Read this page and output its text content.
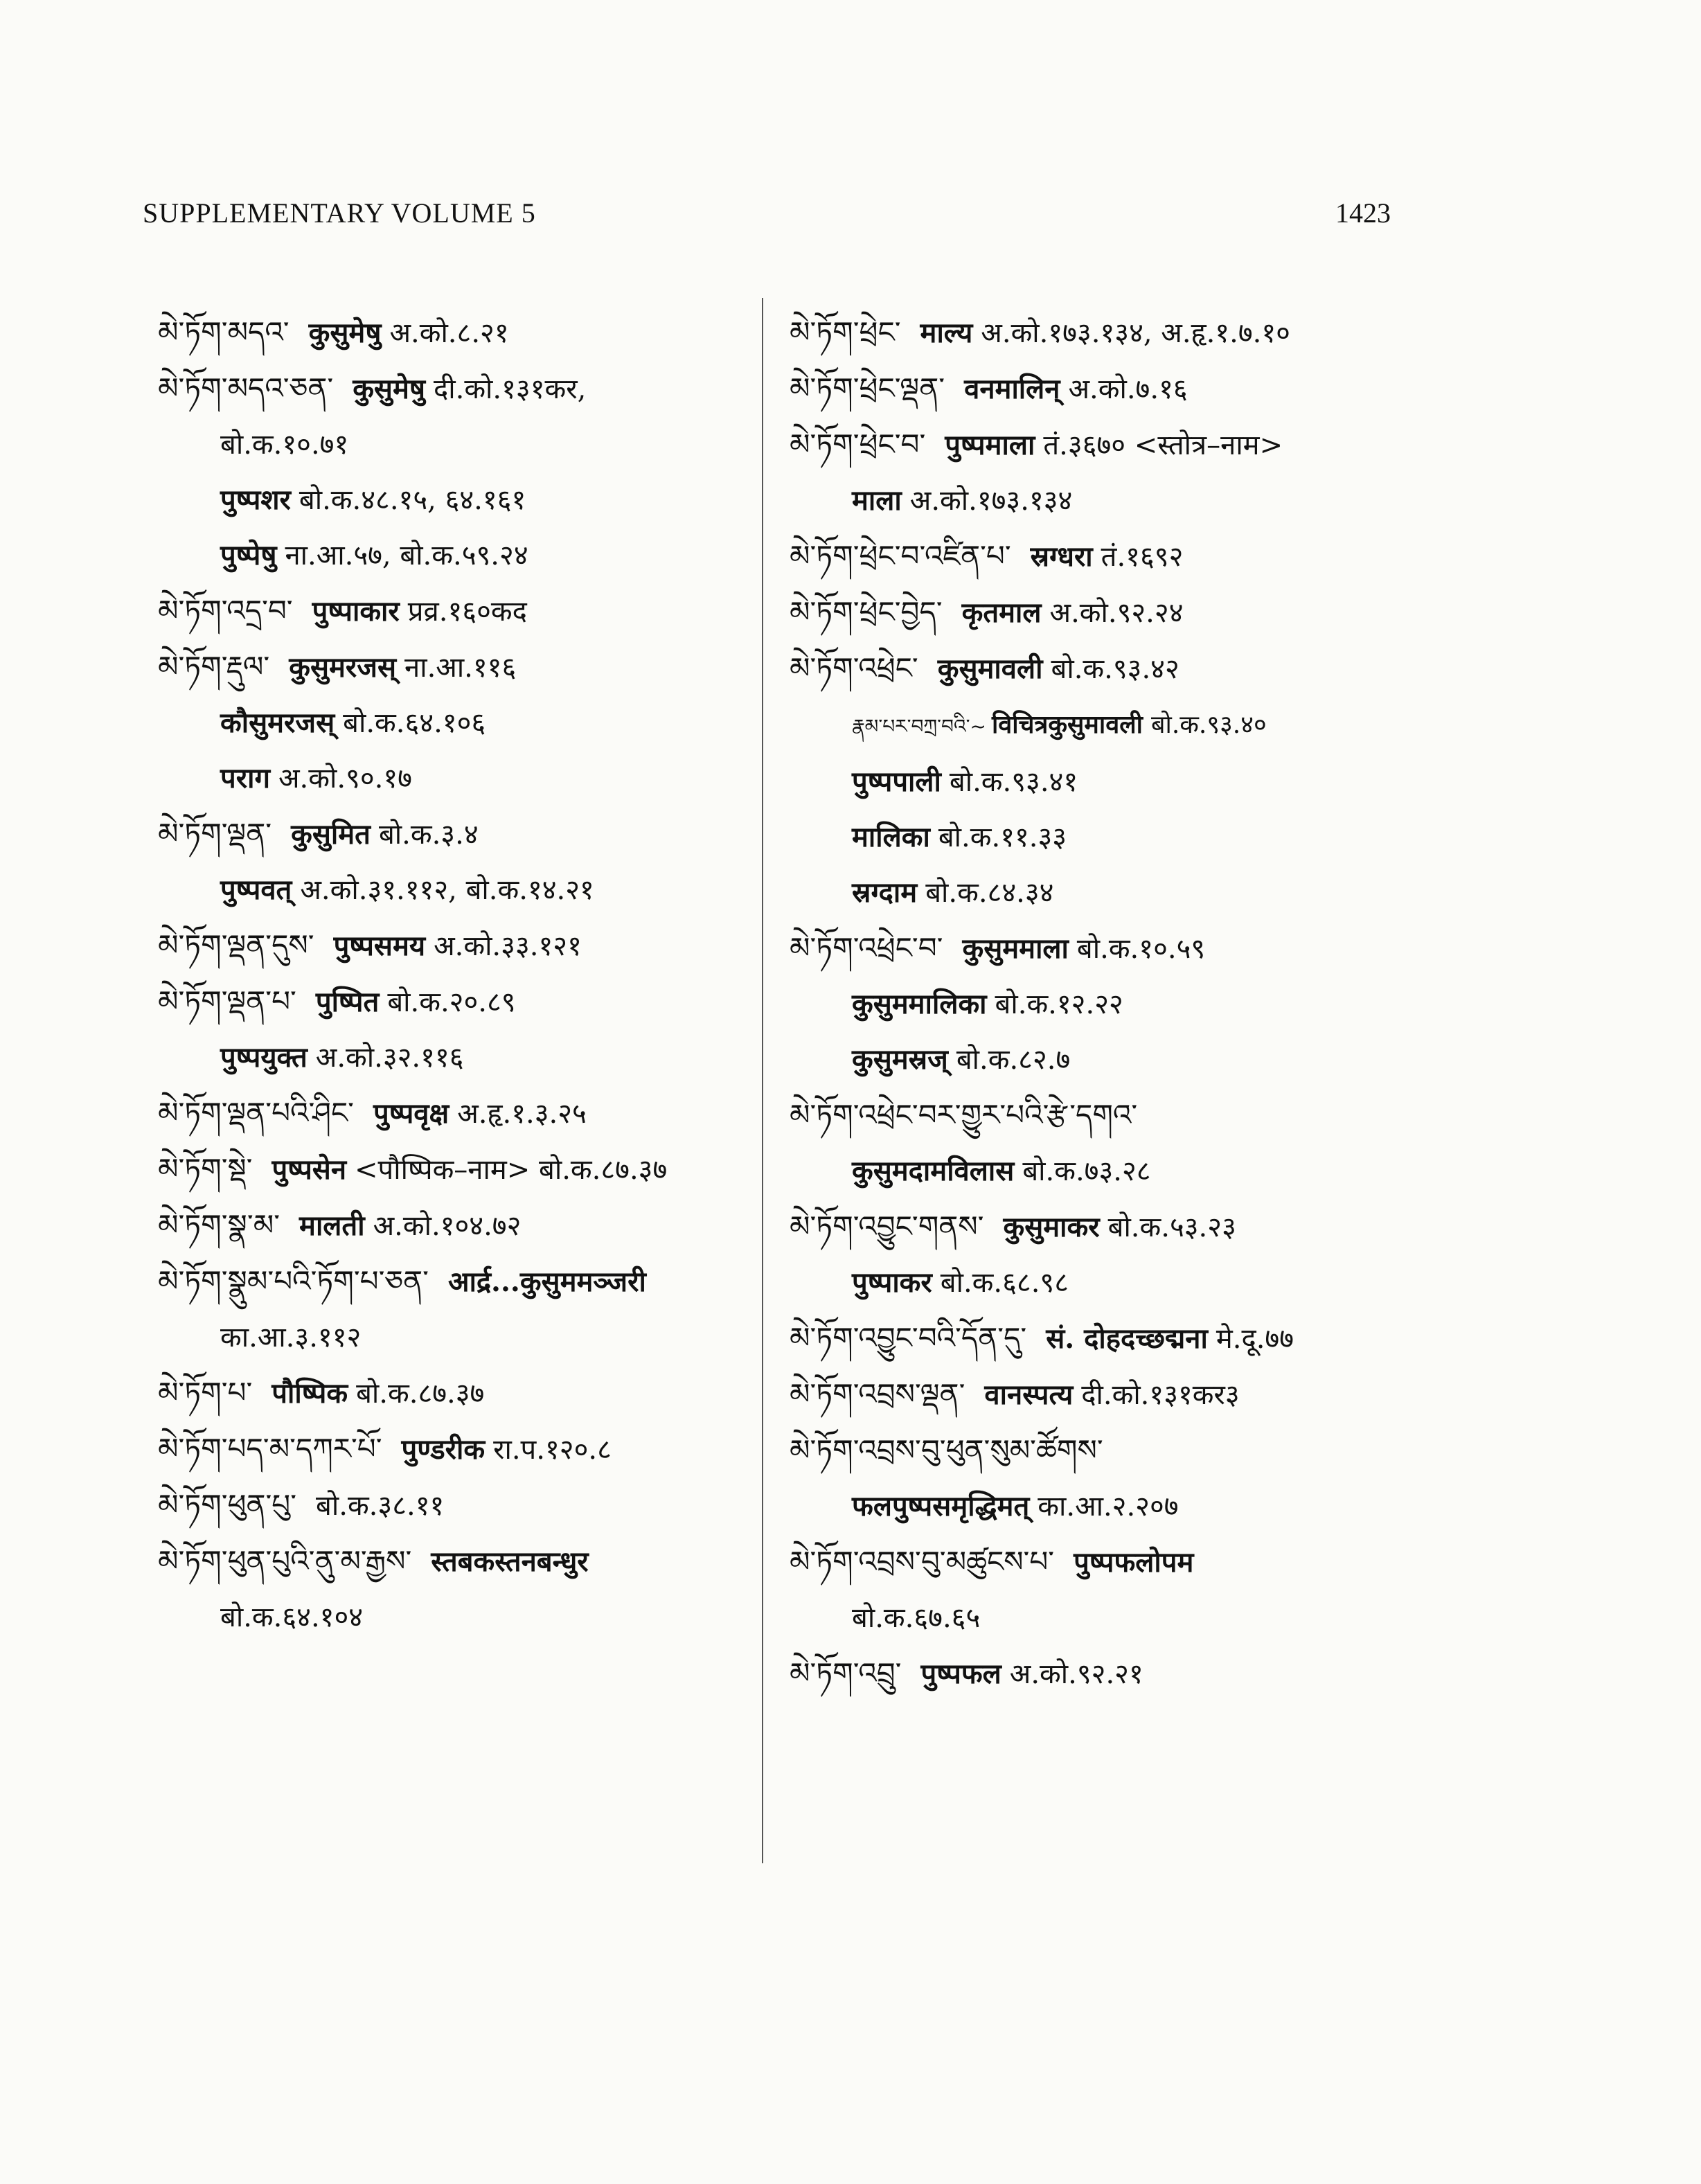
SUPPLEMENTARY VOLUME 5	1423
མེ་ཏོག་མདའ་ कुसुमेषु अ.को.८.२१
མེ་ཏོག་མདའ་ཅན་ कुसुमेषु दी.को.१३१कर,
बो.क.१०.७१
पुष्पशर बो.क.४८.१५, ६४.१६१
पुष्पेषु ना.आ.५७, बो.क.५९.२४
མེ་ཏོག་འདྲ་བ་ पुष्पाकार प्रव्र.१६०कद
མེ་ཏོག་རྡུལ་ कुसुमरजस् ना.आ.११६
कौसुमरजस् बो.क.६४.१०६
पराग अ.को.९०.१७
མེ་ཏོག་ལྡན་ कुसुमित बो.क.३.४
पुष्पवत् अ.को.३१.११२, बो.क.१४.२१
མེ་ཏོག་ལྡན་དུས་ पुष्पसमय अ.को.३३.१२१
མེ་ཏོག་ལྡན་པ་ पुष्पित बो.क.२०.८९
पुष्पयुक्त अ.को.३२.११६
མེ་ཏོག་ལྡན་པའི་ཤིང་ पुष्पवृक्ष अ.हृ.१.३.२५
མེ་ཏོག་སྡེ་ पुष्पसेन <पौष्पिक–नाम> बो.क.८७.३७
མེ་ཏོག་སྣ་མ་ मालती अ.को.१०४.७२
མེ་ཏོག་སྣུམ་པའི་ཏོག་པ་ཅན་ आर्द्र...कुसुममञ्जरी
का.आ.३.११२
མེ་ཏོག་པ་ पौष्पिक बो.क.८७.३७
མེ་ཏོག་པད་མ་དཀར་པོ་ पुण्डरीक रा.प.१२०.८
མེ་ཏོག་ཕུན་པུ་ बो.क.३८.११
མེ་ཏོག་ཕུན་པུའི་ནུ་མ་རྒྱས་ स्तबकस्तनबन्धुर
बो.क.६४.१०४
མེ་ཏོག་ཕྲེང་ माल्य अ.को.१७३.१३४, अ.हृ.१.७.१०
མེ་ཏོག་ཕྲེང་ལྡན་ वनमालिन् अ.को.७.१६
མེ་ཏོག་ཕྲེང་བ་ पुष्पमाला तं.३६७० <स्तोत्र–नाम>
माला अ.को.१७३.१३४
མེ་ཏོག་ཕྲེང་བ་འཛིན་པ་ स्रग्धरा तं.१६९२
མེ་ཏོག་ཕྲེང་བྱེད་ कृतमाल अ.को.९२.२४
མེ་ཏོག་འཕྲེང་ कुसुमावली बो.क.९३.४२
རྣམ་པར་བཀྲ་བའི་~ विचित्रकुसुमावली बो.क.९३.४०
पुष्पपाली बो.क.९३.४१
मालिका बो.क.११.३३
स्रग्दाम बो.क.८४.३४
མེ་ཏོག་འཕྲེང་བ་ कुसुममाला बो.क.१०.५९
कुसुममालिका बो.क.१२.२२
कुसुमस्रज् बो.क.८२.७
མེ་ཏོག་འཕྲེང་བར་གྱུར་པའི་རྩེ་དགའ་
कुसुमदामविलास बो.क.७३.२८
མེ་ཏོག་འབྱུང་གནས་ कुसुमाकर बो.क.५३.२३
पुष्पाकर बो.क.६८.९८
མེ་ཏོག་འབྱུང་བའི་དོན་དུ་ सं. दोहदच्छद्मना मे.दू.७७
མེ་ཏོག་འབྲས་ལྡན་ वानस्पत्य दी.को.१३१कर३
མེ་ཏོག་འབྲས་བུ་ཕུན་སུམ་ཚོགས་
फलपुष्पसमृद्धिमत् का.आ.२.२०७
མེ་ཏོག་འབྲས་བུ་མཚུངས་པ་ पुष्पफलोपम
बो.क.६७.६५
མེ་ཏོག་འབྲུ་ पुष्पफल अ.को.९२.२१
